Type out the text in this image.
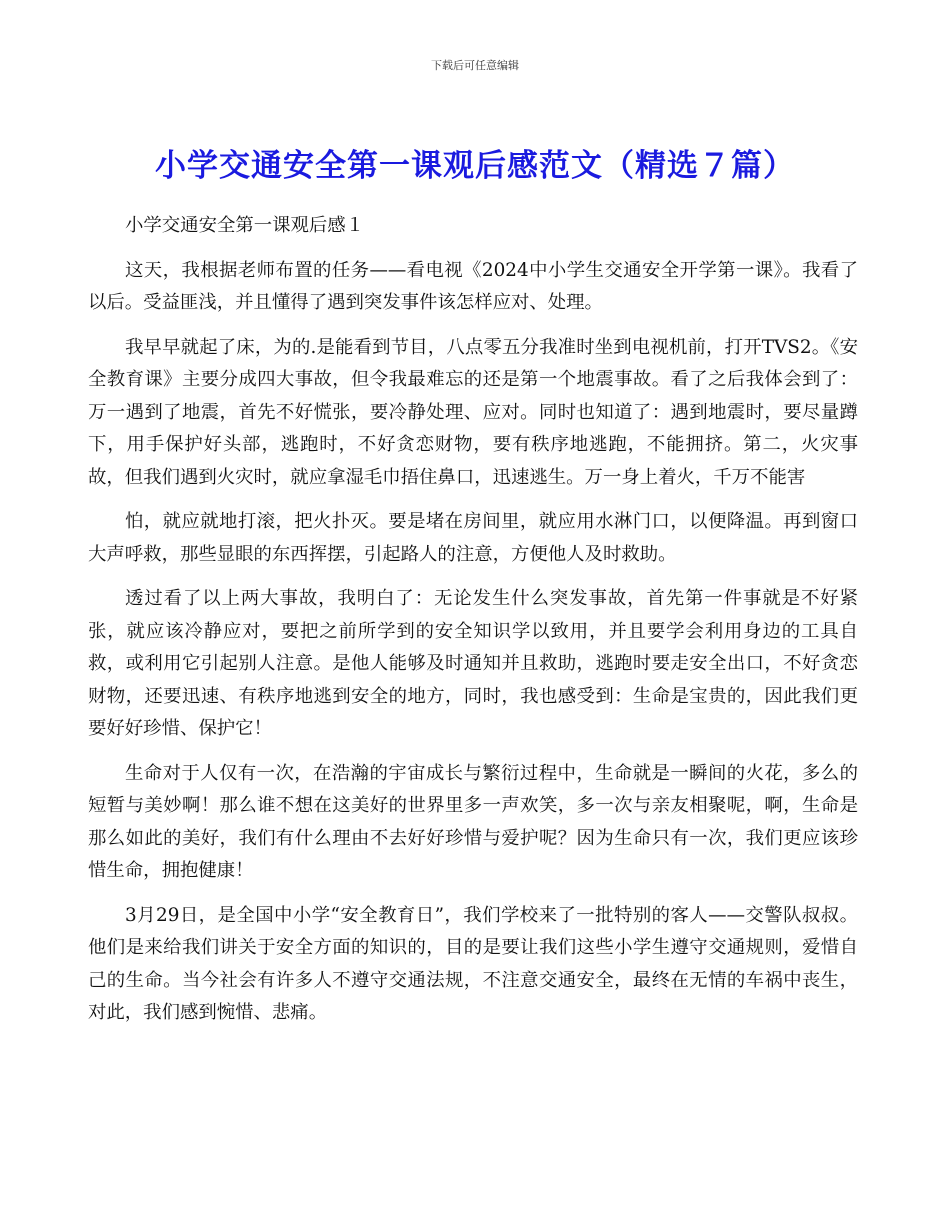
下载后可任意编辑
小学交通安全第一课观后感范文（精选７篇）

小学交通安全第一课观后感１

这天，我根据老师布置的任务——看电视《2024中小学生交通安全开学第一课》。我看了以后。受益匪浅，并且懂得了遇到突发事件该怎样应对、处理。

我早早就起了床，为的.是能看到节目，八点零五分我准时坐到电视机前，打开TVS2。《安全教育课》主要分成四大事故，但令我最难忘的还是第一个地震事故。看了之后我体会到了：万一遇到了地震，首先不好慌张，要冷静处理、应对。同时也知道了：遇到地震时，要尽量蹲下，用手保护好头部，逃跑时，不好贪恋财物，要有秩序地逃跑，不能拥挤。第二，火灾事故，但我们遇到火灾时，就应拿湿毛巾捂住鼻口，迅速逃生。万一身上着火，千万不能害

怕，就应就地打滚，把火扑灭。要是堵在房间里，就应用水淋门口，以便降温。再到窗口大声呼救，那些显眼的东西挥摆，引起路人的注意，方便他人及时救助。

透过看了以上两大事故，我明白了：无论发生什么突发事故，首先第一件事就是不好紧张，就应该冷静应对，要把之前所学到的安全知识学以致用，并且要学会利用身边的工具自救，或利用它引起别人注意。是他人能够及时通知并且救助，逃跑时要走安全出口，不好贪恋财物，还要迅速、有秩序地逃到安全的地方，同时，我也感受到：生命是宝贵的，因此我们更要好好珍惜、保护它！

生命对于人仅有一次，在浩瀚的宇宙成长与繁衍过程中，生命就是一瞬间的火花，多么的短暂与美妙啊！那么谁不想在这美好的世界里多一声欢笑，多一次与亲友相聚呢，啊，生命是那么如此的美好，我们有什么理由不去好好珍惜与爱护呢？因为生命只有一次，我们更应该珍惜生命，拥抱健康！

3月29日，是全国中小学“安全教育日”，我们学校来了一批特别的客人——交警队叔叔。他们是来给我们讲关于安全方面的知识的，目的是要让我们这些小学生遵守交通规则，爱惜自己的生命。当今社会有许多人不遵守交通法规，不注意交通安全，最终在无情的车祸中丧生，对此，我们感到惋惜、悲痛。
